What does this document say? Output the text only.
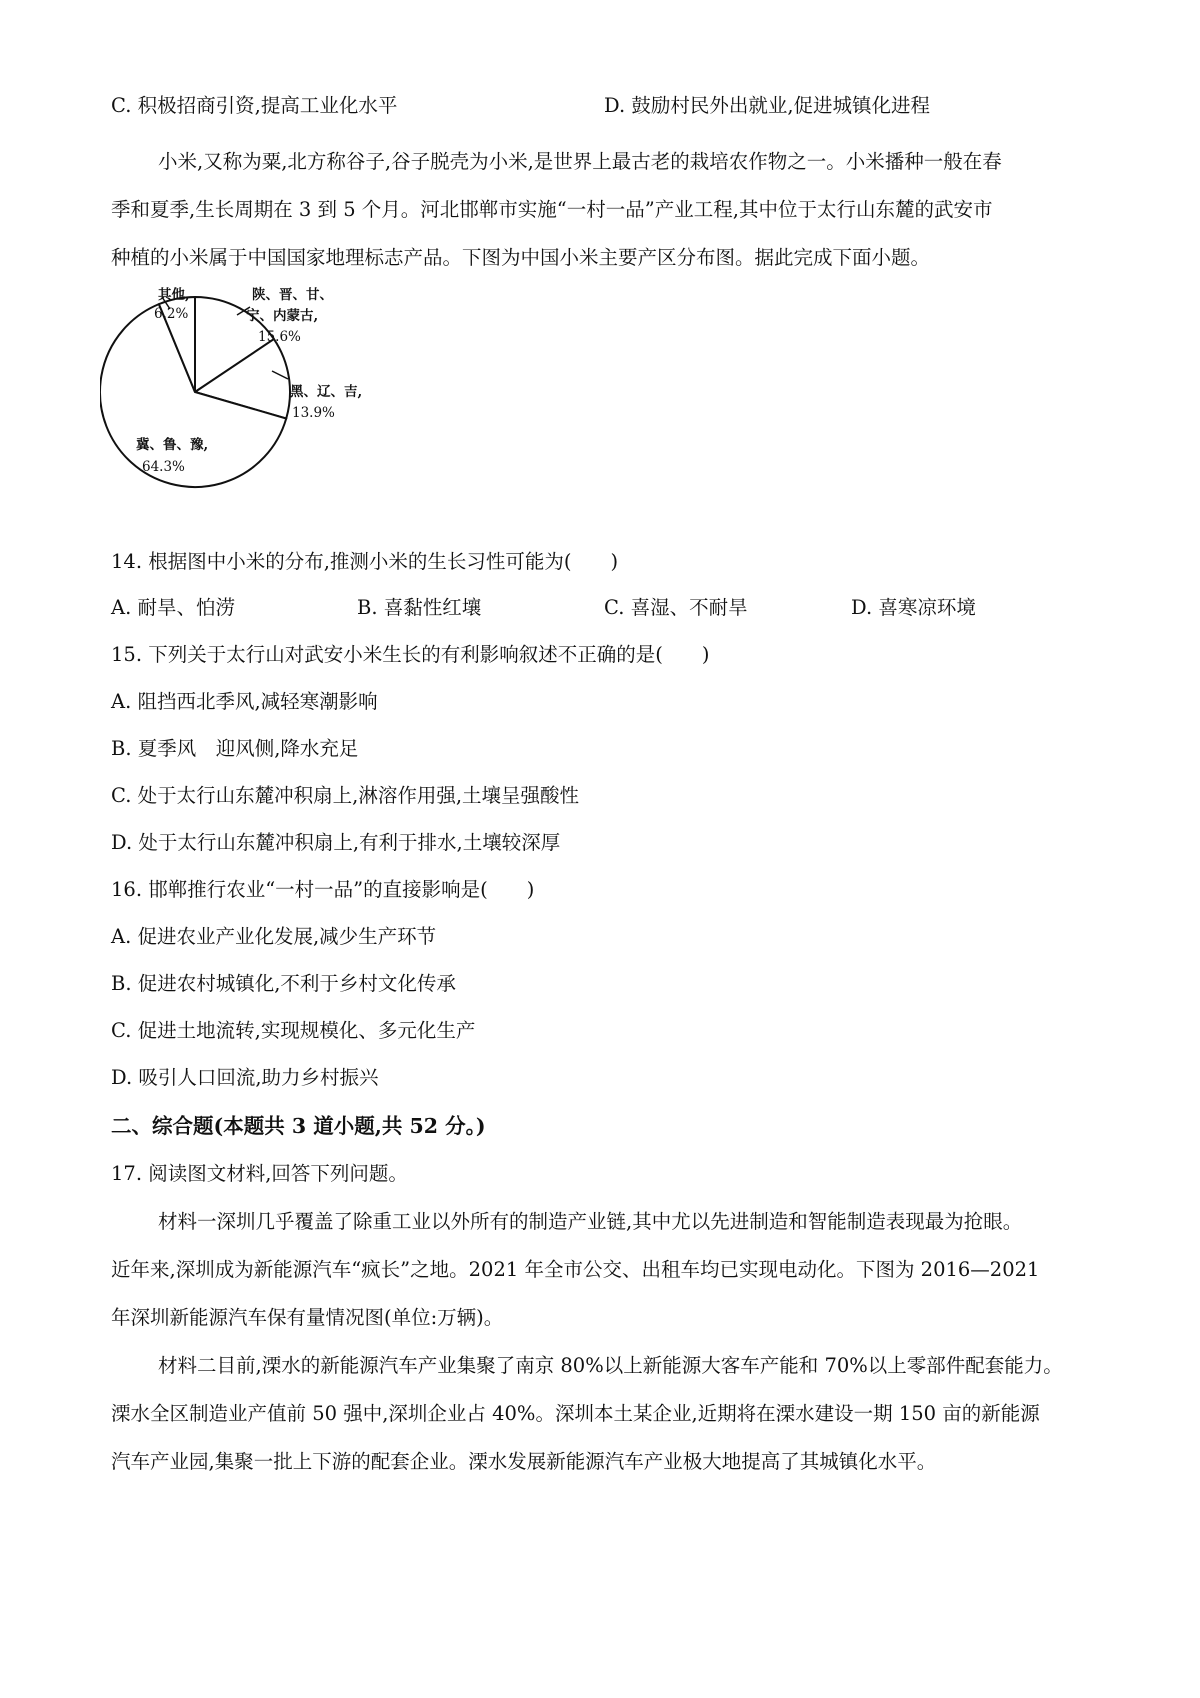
C. 积极招商引资,提高工业化水平	D. 鼓励村民外出就业,促进城镇化进程
小米,又称为粟,北方称谷子,谷子脱壳为小米,是世界上最古老的栽培农作物之一。小米播种一般在春
季和夏季,生长周期在 3 到 5 个月。河北邯郸市实施“一村一品”产业工程,其中位于太行山东麓的武安市
种植的小米属于中国国家地理标志产品。下图为中国小米主要产区分布图。据此完成下面小题。
其他,
6.2%
陕、晋、甘、
宁、内蒙古,
15.6%
黑、辽、吉,
13.9%
冀、鲁、豫,
64.3%
14. 根据图中小米的分布,推测小米的生长习性可能为(　　)
A. 耐旱、怕涝	B. 喜黏性红壤	C. 喜湿、不耐旱	D. 喜寒凉环境
15. 下列关于太行山对武安小米生长的有利影响叙述不正确的是(　　)
A. 阻挡西北季风,减轻寒潮影响
B. 夏季风　迎风侧,降水充足
C. 处于太行山东麓冲积扇上,淋溶作用强,土壤呈强酸性
D. 处于太行山东麓冲积扇上,有利于排水,土壤较深厚
16. 邯郸推行农业“一村一品”的直接影响是(　　)
A. 促进农业产业化发展,减少生产环节
B. 促进农村城镇化,不利于乡村文化传承
C. 促进土地流转,实现规模化、多元化生产
D. 吸引人口回流,助力乡村振兴
二、综合题(本题共 3 道小题,共 52 分。)
17. 阅读图文材料,回答下列问题。
材料一深圳几乎覆盖了除重工业以外所有的制造产业链,其中尤以先进制造和智能制造表现最为抢眼。
近年来,深圳成为新能源汽车“疯长”之地。2021 年全市公交、出租车均已实现电动化。下图为 2016—2021
年深圳新能源汽车保有量情况图(单位:万辆)。
材料二目前,溧水的新能源汽车产业集聚了南京 80%以上新能源大客车产能和 70%以上零部件配套能力。
溧水全区制造业产值前 50 强中,深圳企业占 40%。深圳本土某企业,近期将在溧水建设一期 150 亩的新能源
汽车产业园,集聚一批上下游的配套企业。溧水发展新能源汽车产业极大地提高了其城镇化水平。
